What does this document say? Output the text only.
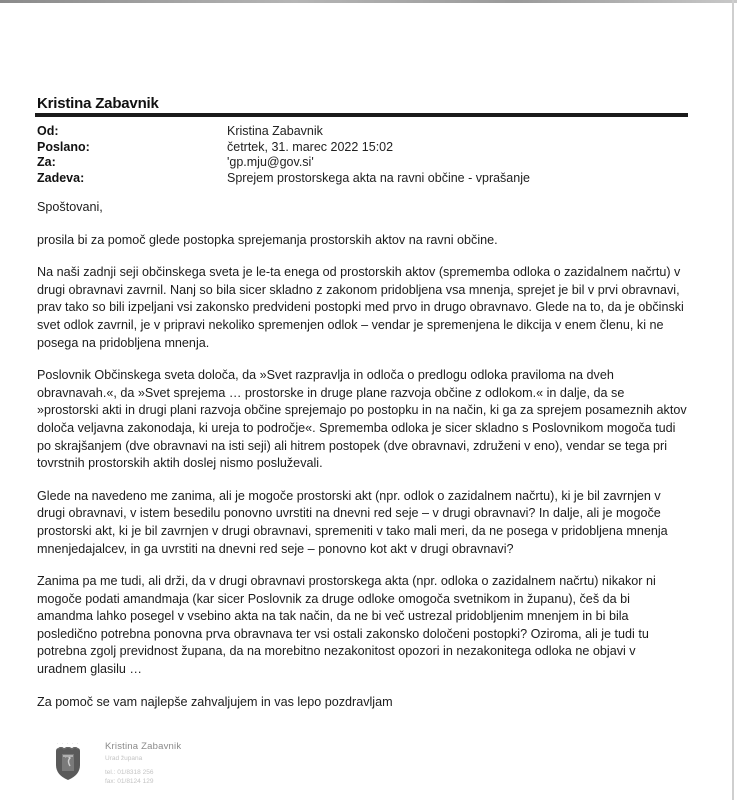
Kristina Zabavnik
Od:	Kristina Zabavnik
Poslano:	četrtek, 31. marec 2022 15:02
Za:	'gp.mju@gov.si'
Zadeva:	Sprejem prostorskega akta na ravni občine - vprašanje

Spoštovani,

prosila bi za pomoč glede postopka sprejemanja prostorskih aktov na ravni občine.

Na naši zadnji seji občinskega sveta je le-ta enega od prostorskih aktov (sprememba odloka o zazidalnem načrtu) v drugi obravnavi zavrnil. Nanj so bila sicer skladno z zakonom pridobljena vsa mnenja, sprejet je bil v prvi obravnavi, prav tako so bili izpeljani vsi zakonsko predvideni postopki med prvo in drugo obravnavo. Glede na to, da je občinski svet odlok zavrnil, je v pripravi nekoliko spremenjen odlok – vendar je spremenjena le dikcija v enem členu, ki ne posega na pridobljena mnenja.

Poslovnik Občinskega sveta določa, da »Svet razpravlja in odloča o predlogu odloka praviloma na dveh obravnavah.«, da »Svet sprejema … prostorske in druge plane razvoja občine z odlokom.« in dalje, da se »prostorski akti in drugi plani razvoja občine sprejemajo po postopku in na način, ki ga za sprejem posameznih aktov določa veljavna zakonodaja, ki ureja to področje«. Sprememba odloka je sicer skladno s Poslovnikom mogoča tudi po skrajšanjem (dve obravnavi na isti seji) ali hitrem postopek (dve obravnavi, združeni v eno), vendar se tega pri tovrstnih prostorskih aktih doslej nismo posluževali.

Glede na navedeno me zanima, ali je mogoče prostorski akt (npr. odlok o zazidalnem načrtu), ki je bil zavrnjen v drugi obravnavi, v istem besedilu ponovno uvrstiti na dnevni red seje – v drugi obravnavi? In dalje, ali je mogoče prostorski akt, ki je bil zavrnjen v drugi obravnavi, spremeniti v tako mali meri, da ne posega v pridobljena mnenja mnenjedajalcev, in ga uvrstiti na dnevni red seje – ponovno kot akt v drugi obravnavi?

Zanima pa me tudi, ali drži, da v drugi obravnavi prostorskega akta (npr. odloka o zazidalnem načrtu) nikakor ni mogoče podati amandmaja (kar sicer Poslovnik za druge odloke omogoča svetnikom in županu), češ da bi amandma lahko posegel v vsebino akta na tak način, da ne bi več ustrezal pridobljenim mnenjem in bi bila posledično potrebna ponovna prva obravnava ter vsi ostali zakonsko določeni postopki? Oziroma, ali je tudi tu potrebna zgolj previdnost župana, da na morebitno nezakonitost opozori in nezakonitega odloka ne objavi v uradnem glasilu …

Za pomoč se vam najlepše zahvaljujem in vas lepo pozdravljam

· · · · ·	Kristina Zabavnik
Urad župana
tel.: 01/8318 256
fax: 01/8124 129
